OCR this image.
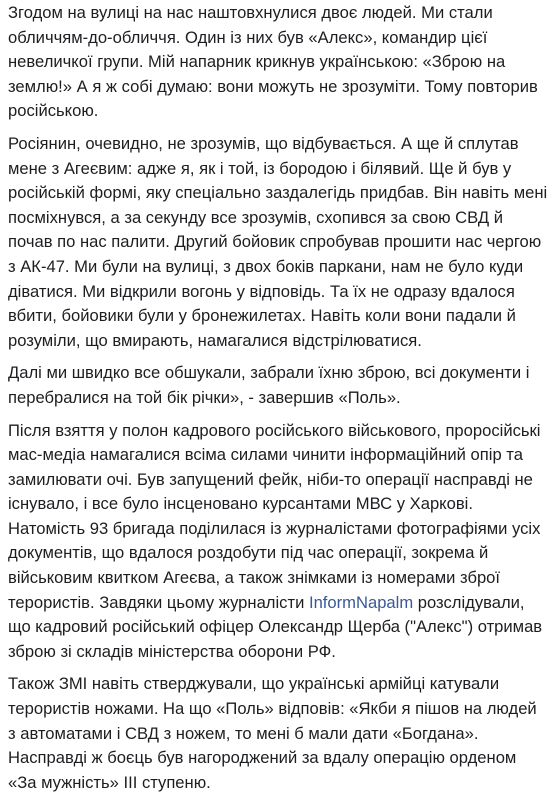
Згодом на вулиці на нас наштовхнулися двоє людей. Ми стали обличчям-до-обличчя. Один із них був «Алекс», командир цієї невеличкої групи. Мій напарник крикнув українською: «Зброю на землю!» А я ж собі думаю: вони можуть не зрозуміти. Тому повторив російською.

Росіянин, очевидно, не зрозумів, що відбувається. А ще й сплутав мене з Агеєвим: адже я, як і той, із бородою і білявий. Ще й був у російській формі, яку спеціально заздалегідь придбав. Він навіть мені посміхнувся, а за секунду все зрозумів, схопився за свою СВД й почав по нас палити. Другий бойовик спробував прошити нас чергою з АК-47. Ми були на вулиці, з двох боків паркани, нам не було куди діватися. Ми відкрили вогонь у відповідь. Та їх не одразу вдалося вбити, бойовики були у бронежилетах. Навіть коли вони падали й розуміли, що вмирають, намагалися відстрілюватися.

Далі ми швидко все обшукали, забрали їхню зброю, всі документи і перебралися на той бік річки», - завершив «Поль».

Після взяття у полон кадрового російського військового, проросійські мас-медіа намагалися всіма силами чинити інформаційний опір та замилювати очі. Був запущений фейк, ніби-то операції насправді не існувало, і все було інсценовано курсантами МВС у Харкові. Натомість 93 бригада поділилася із журналістами фотографіями усіх документів, що вдалося роздобути під час операції, зокрема й військовим квитком Агеєва, а також знімками із номерами зброї терористів. Завдяки цьому журналісти InformNapalm розслідували, що кадровий російський офіцер Олександр Щерба ("Алекс") отримав зброю зі складів міністерства оборони РФ.

Також ЗМІ навіть стверджували, що українські армійці катували терористів ножами. На що «Поль» відповів: «Якби я пішов на людей з автоматами і СВД з ножем, то мені б мали дати «Богдана». Насправді ж боєць був нагороджений за вдалу операцію орденом «За мужність» ІІІ ступеню.
